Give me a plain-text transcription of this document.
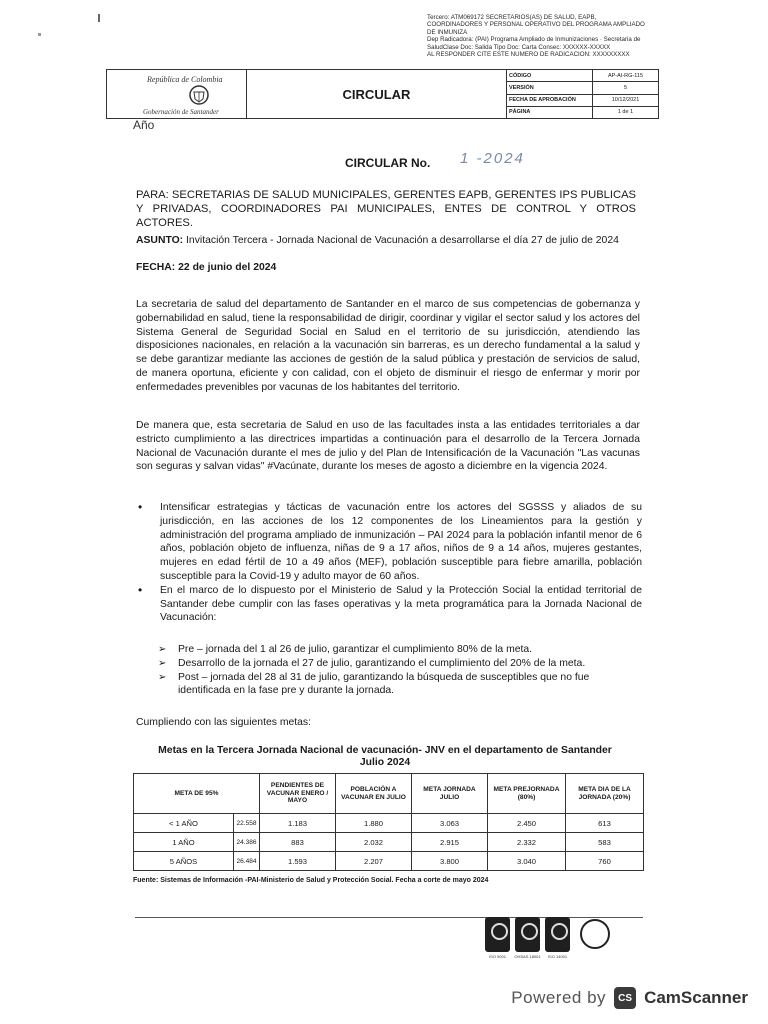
Tercero: ATM069172 SECRETARIOS(AS) DE SALUD, EAPB,
COORDINADORES Y PERSONAL OPERATIVO DEL PROGRAMA AMPLIADO
DE INMUNIZA
Dep Radicadora: (PAI) Programa Ampliado de Inmunizaciones · Secretaria de
SaludClase Doc: Salida Tipo Doc: Carta Consec: XXXXXX-XXXXX
AL RESPONDER CITE ESTE NUMERO DE RADICACION: XXXXXXXXX
República de Colombia
Gobernación de Santander
CIRCULAR
CÓDIGO	AP-AI-RG-115
VERSIÓN	5
FECHA DE APROBACIÓN	10/12/2021
PÁGINA	1 de 1
Año
CIRCULAR No. 1 -2024
PARA: SECRETARIAS DE SALUD MUNICIPALES, GERENTES EAPB, GERENTES IPS PUBLICAS Y PRIVADAS, COORDINADORES PAI MUNICIPALES, ENTES DE CONTROL Y OTROS ACTORES.
ASUNTO: Invitación Tercera - Jornada Nacional de Vacunación a desarrollarse el día 27 de julio de 2024
FECHA: 22 de junio del 2024
La secretaria de salud del departamento de Santander en el marco de sus competencias de gobernanza y gobernabilidad en salud, tiene la responsabilidad de dirigir, coordinar y vigilar el sector salud y los actores del Sistema General de Seguridad Social en Salud en el territorio de su jurisdicción, atendiendo las disposiciones nacionales, en relación a la vacunación sin barreras, es un derecho fundamental a la salud y se debe garantizar mediante las acciones de gestión de la salud pública y prestación de servicios de salud, de manera oportuna, eficiente y con calidad, con el objeto de disminuir el riesgo de enfermar y morir por enfermedades prevenibles por vacunas de los habitantes del territorio.
De manera que, esta secretaria de Salud en uso de las facultades insta a las entidades territoriales a dar estricto cumplimiento a las directrices impartidas a continuación para el desarrollo de la Tercera Jornada Nacional de Vacunación durante el mes de julio y del Plan de Intensificación de la Vacunación "Las vacunas son seguras y salvan vidas" #Vacúnate, durante los meses de agosto a diciembre en la vigencia 2024.
•	Intensificar estrategias y tácticas de vacunación entre los actores del SGSSS y aliados de su jurisdicción, en las acciones de los 12 componentes de los Lineamientos para la gestión y administración del programa ampliado de inmunización – PAI 2024 para la población infantil menor de 6 años, población objeto de influenza, niñas de 9 a 17 años, niños de 9 a 14 años, mujeres gestantes, mujeres en edad fértil de 10 a 49 años (MEF), población susceptible para fiebre amarilla, población susceptible para la Covid-19 y adulto mayor de 60 años.
•	En el marco de lo dispuesto por el Ministerio de Salud y la Protección Social la entidad territorial de Santander debe cumplir con las fases operativas y la meta programática para la Jornada Nacional de Vacunación:
➢	Pre – jornada del 1 al 26 de julio, garantizar el cumplimiento 80% de la meta.
➢	Desarrollo de la jornada el 27 de julio, garantizando el cumplimiento del 20% de la meta.
➢	Post – jornada del 28 al 31 de julio, garantizando la búsqueda de susceptibles que no fue identificada en la fase pre y durante la jornada.
Cumpliendo con las siguientes metas:
Metas en la Tercera Jornada Nacional de vacunación- JNV en el departamento de Santander
Julio 2024
META DE 95%		PENDIENTES DE VACUNAR ENERO / MAYO	POBLACIÓN A VACUNAR EN JULIO	META JORNADA JULIO	META PREJORNADA (80%)	META DIA DE LA JORNADA (20%)
< 1 AÑO	22.558	1.183	1.880	3.063	2.450	613
1 AÑO	24.386	883	2.032	2.915	2.332	583
5 AÑOS	26.484	1.593	2.207	3.800	3.040	760
Fuente: Sistemas de Información -PAI-Ministerio de Salud y Protección Social. Fecha a corte de mayo 2024
ISO 9001 OHSAS 18001 ISO 14001
Powered by	CS CamScanner
